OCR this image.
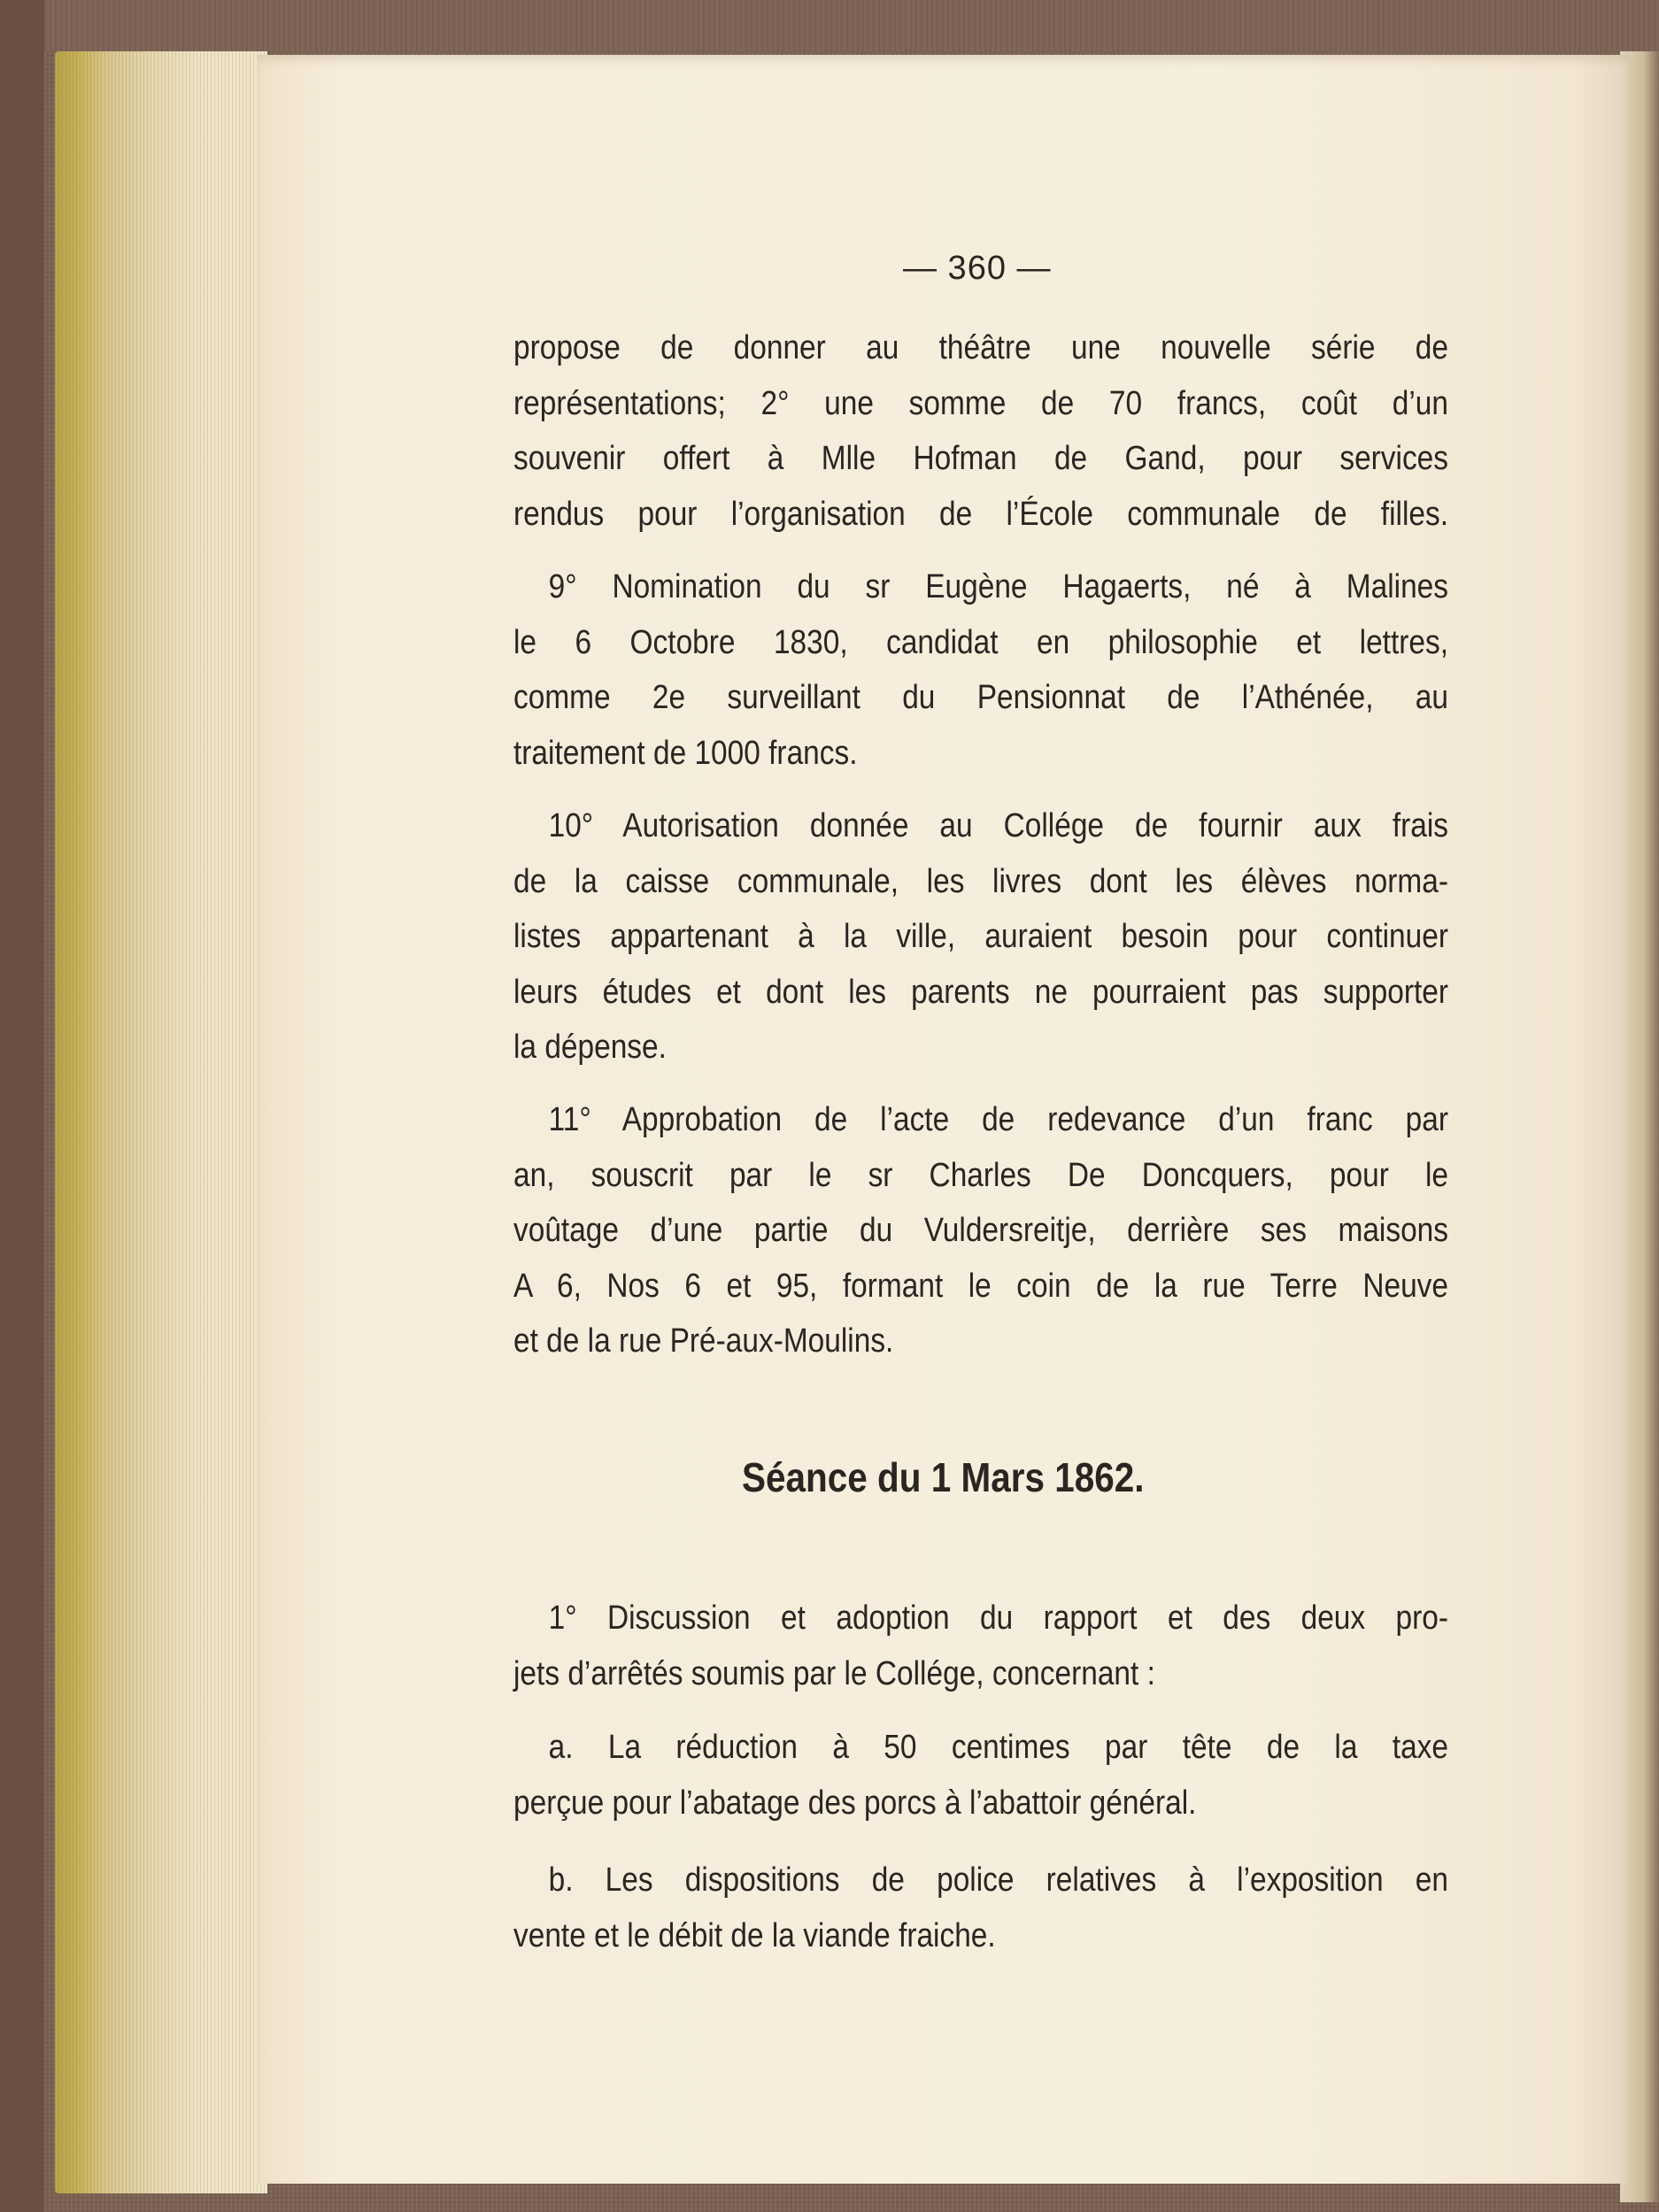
— 360 —
propose de donner au théâtre une nouvelle série de
représentations; 2° une somme de 70 francs, coût d’un
souvenir offert à Mlle Hofman de Gand, pour services
rendus pour l’organisation de l’École communale de filles.
9° Nomination du sr Eugène Hagaerts, né à Malines
le 6 Octobre 1830, candidat en philosophie et lettres,
comme 2e surveillant du Pensionnat de l’Athénée, au
traitement de 1000 francs.
10° Autorisation donnée au Collége de fournir aux frais
de la caisse communale, les livres dont les élèves norma-
listes appartenant à la ville, auraient besoin pour continuer
leurs études et dont les parents ne pourraient pas supporter
la dépense.
11° Approbation de l’acte de redevance d’un franc par
an, souscrit par le sr Charles De Doncquers, pour le
voûtage d’une partie du Vuldersreitje, derrière ses maisons
A 6, Nos 6 et 95, formant le coin de la rue Terre Neuve
et de la rue Pré-aux-Moulins.
Séance du 1 Mars 1862.
1° Discussion et adoption du rapport et des deux pro-
jets d’arrêtés soumis par le Collége, concernant :
a. La réduction à 50 centimes par tête de la taxe
perçue pour l’abatage des porcs à l’abattoir général.
b. Les dispositions de police relatives à l’exposition en
vente et le débit de la viande fraiche.
